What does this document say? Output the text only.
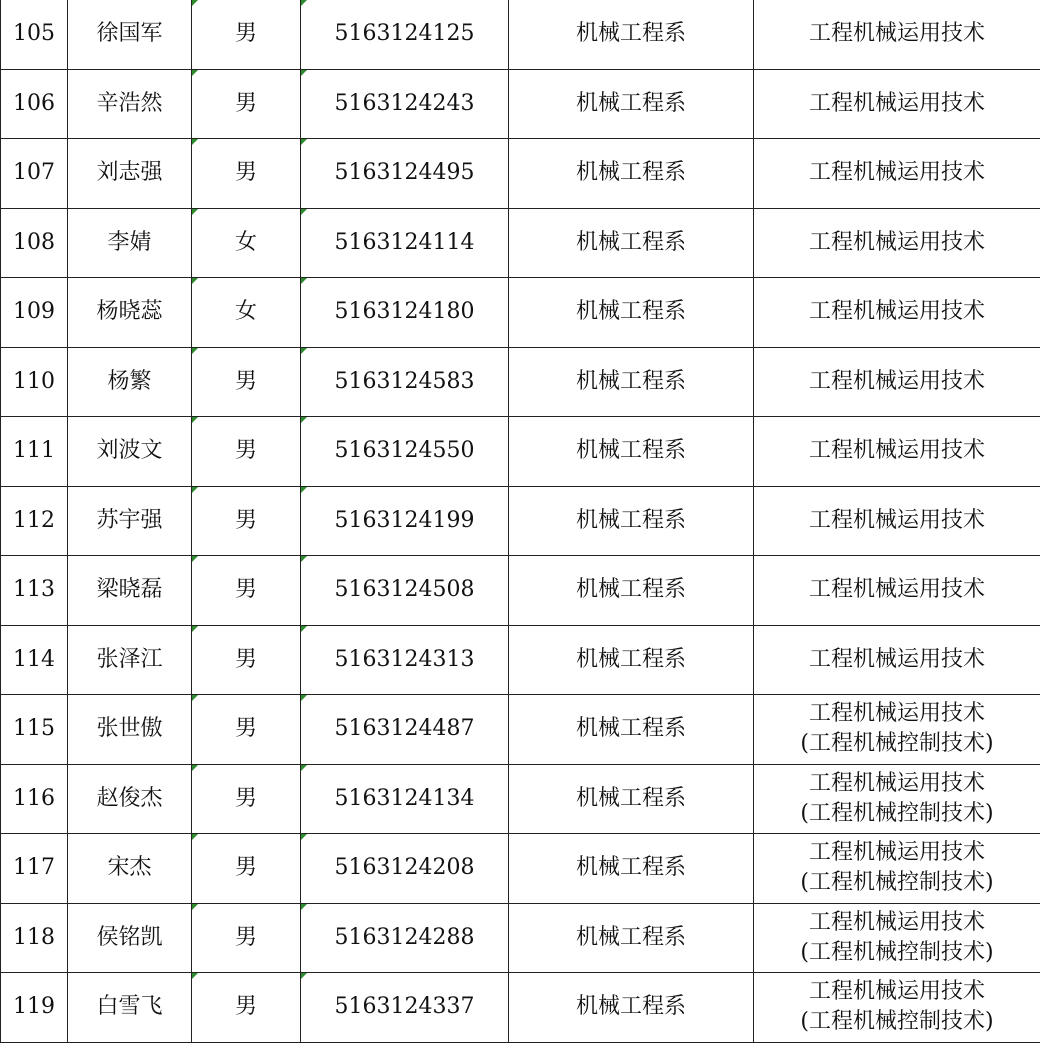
105	徐国军	男	5163124125	机械工程系	工程机械运用技术
106	辛浩然	男	5163124243	机械工程系	工程机械运用技术
107	刘志强	男	5163124495	机械工程系	工程机械运用技术
108	李婧	女	5163124114	机械工程系	工程机械运用技术
109	杨晓蕊	女	5163124180	机械工程系	工程机械运用技术
110	杨繁	男	5163124583	机械工程系	工程机械运用技术
111	刘波文	男	5163124550	机械工程系	工程机械运用技术
112	苏宇强	男	5163124199	机械工程系	工程机械运用技术
113	梁晓磊	男	5163124508	机械工程系	工程机械运用技术
114	张泽江	男	5163124313	机械工程系	工程机械运用技术
115	张世傲	男	5163124487	机械工程系	工程机械运用技术
(工程机械控制技术)
116	赵俊杰	男	5163124134	机械工程系	工程机械运用技术
(工程机械控制技术)
117	宋杰	男	5163124208	机械工程系	工程机械运用技术
(工程机械控制技术)
118	侯铭凯	男	5163124288	机械工程系	工程机械运用技术
(工程机械控制技术)
119	白雪飞	男	5163124337	机械工程系	工程机械运用技术
(工程机械控制技术)
